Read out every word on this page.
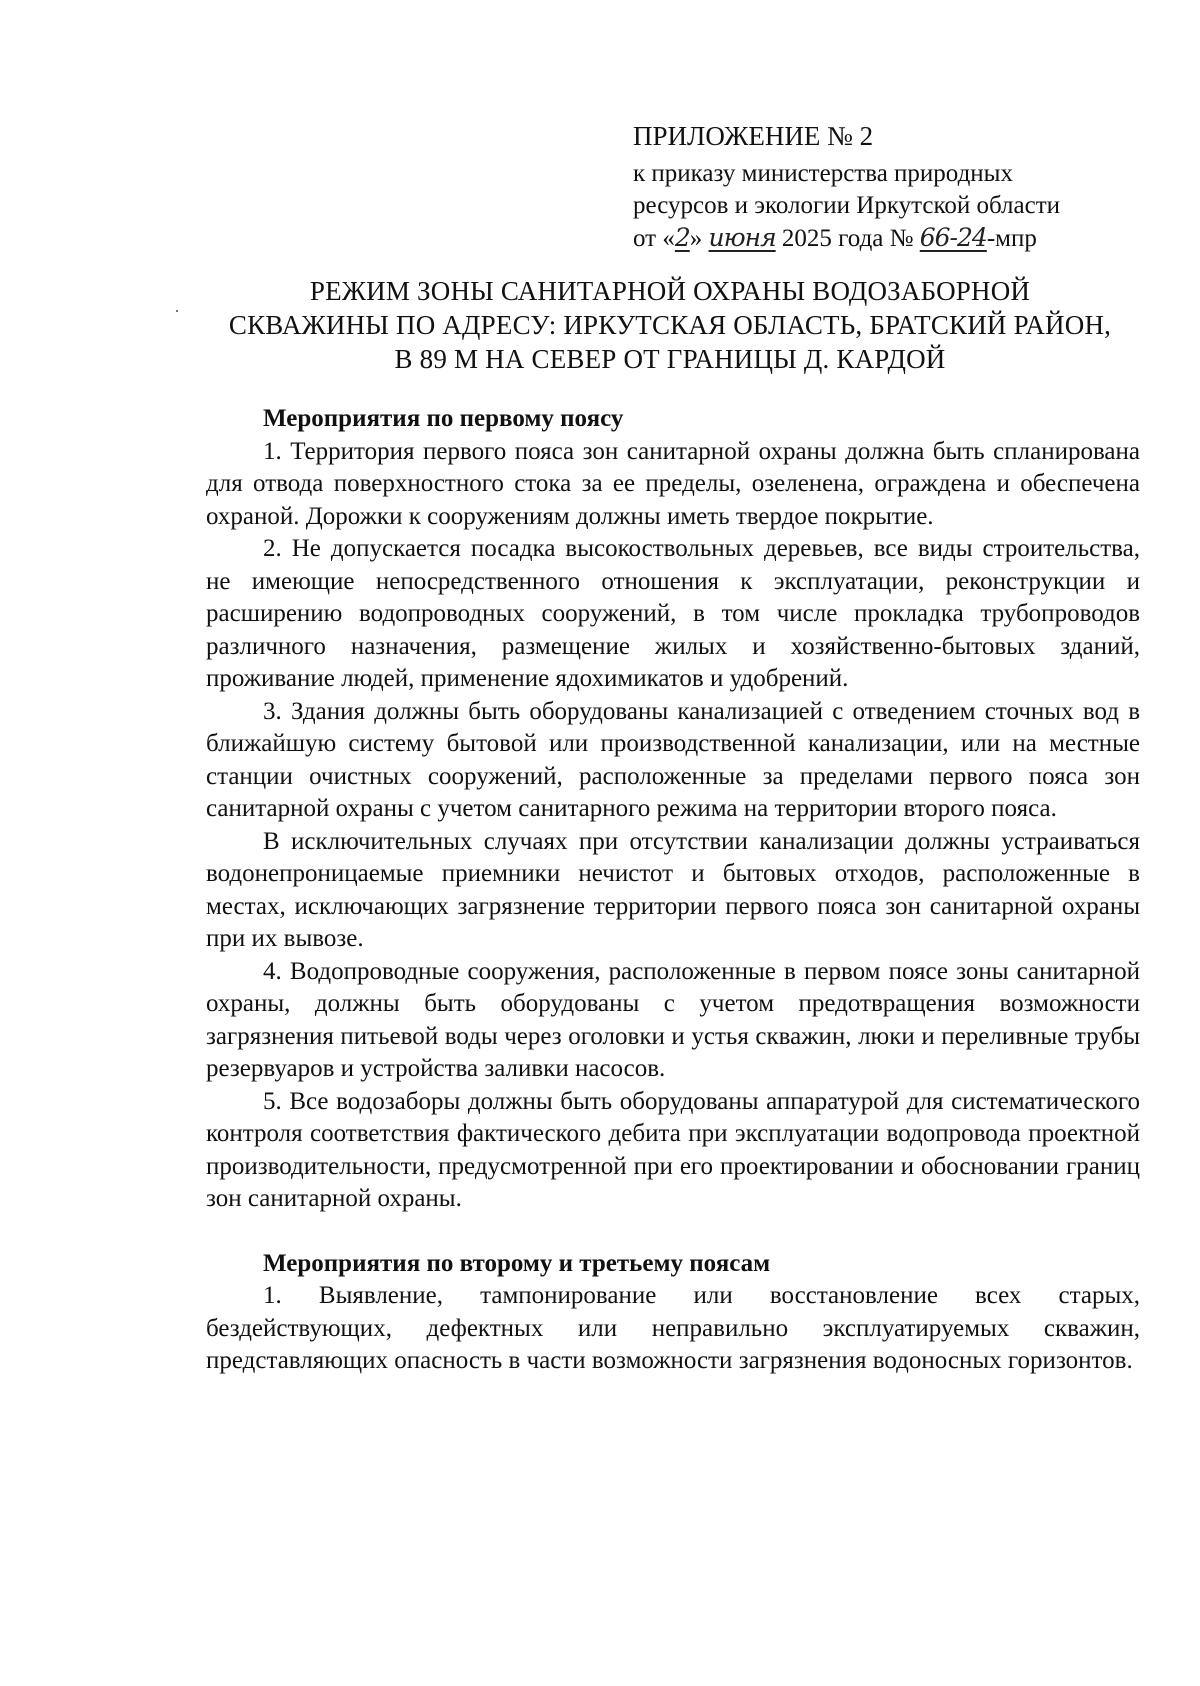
ПРИЛОЖЕНИЕ № 2
к приказу министерства природных
ресурсов и экологии Иркутской области
от «2» июня 2025 года № 66-24-мпр
РЕЖИМ ЗОНЫ САНИТАРНОЙ ОХРАНЫ ВОДОЗАБОРНОЙ
СКВАЖИНЫ ПО АДРЕСУ: ИРКУТСКАЯ ОБЛАСТЬ, БРАТСКИЙ РАЙОН,
В 89 М НА СЕВЕР ОТ ГРАНИЦЫ Д. КАРДОЙ
Мероприятия по первому поясу

1. Территория первого пояса зон санитарной охраны должна быть спланирована для отвода поверхностного стока за ее пределы, озеленена, ограждена и обеспечена охраной. Дорожки к сооружениям должны иметь твердое покрытие.

2. Не допускается посадка высокоствольных деревьев, все виды строительства, не имеющие непосредственного отношения к эксплуатации, реконструкции и расширению водопроводных сооружений, в том числе прокладка трубопроводов различного назначения, размещение жилых и хозяйственно-бытовых зданий, проживание людей, применение ядохимикатов и удобрений.

3. Здания должны быть оборудованы канализацией с отведением сточных вод в ближайшую систему бытовой или производственной канализации, или на местные станции очистных сооружений, расположенные за пределами первого пояса зон санитарной охраны с учетом санитарного режима на территории второго пояса.

В исключительных случаях при отсутствии канализации должны устраиваться водонепроницаемые приемники нечистот и бытовых отходов, расположенные в местах, исключающих загрязнение территории первого пояса зон санитарной охраны при их вывозе.

4. Водопроводные сооружения, расположенные в первом поясе зоны санитарной охраны, должны быть оборудованы с учетом предотвращения возможности загрязнения питьевой воды через оголовки и устья скважин, люки и переливные трубы резервуаров и устройства заливки насосов.

5. Все водозаборы должны быть оборудованы аппаратурой для систематического контроля соответствия фактического дебита при эксплуатации водопровода проектной производительности, предусмотренной при его проектировании и обосновании границ зон санитарной охраны.

Мероприятия по второму и третьему поясам

1. Выявление, тампонирование или восстановление всех старых, бездействующих, дефектных или неправильно эксплуатируемых скважин, представляющих опасность в части возможности загрязнения водоносных горизонтов.
